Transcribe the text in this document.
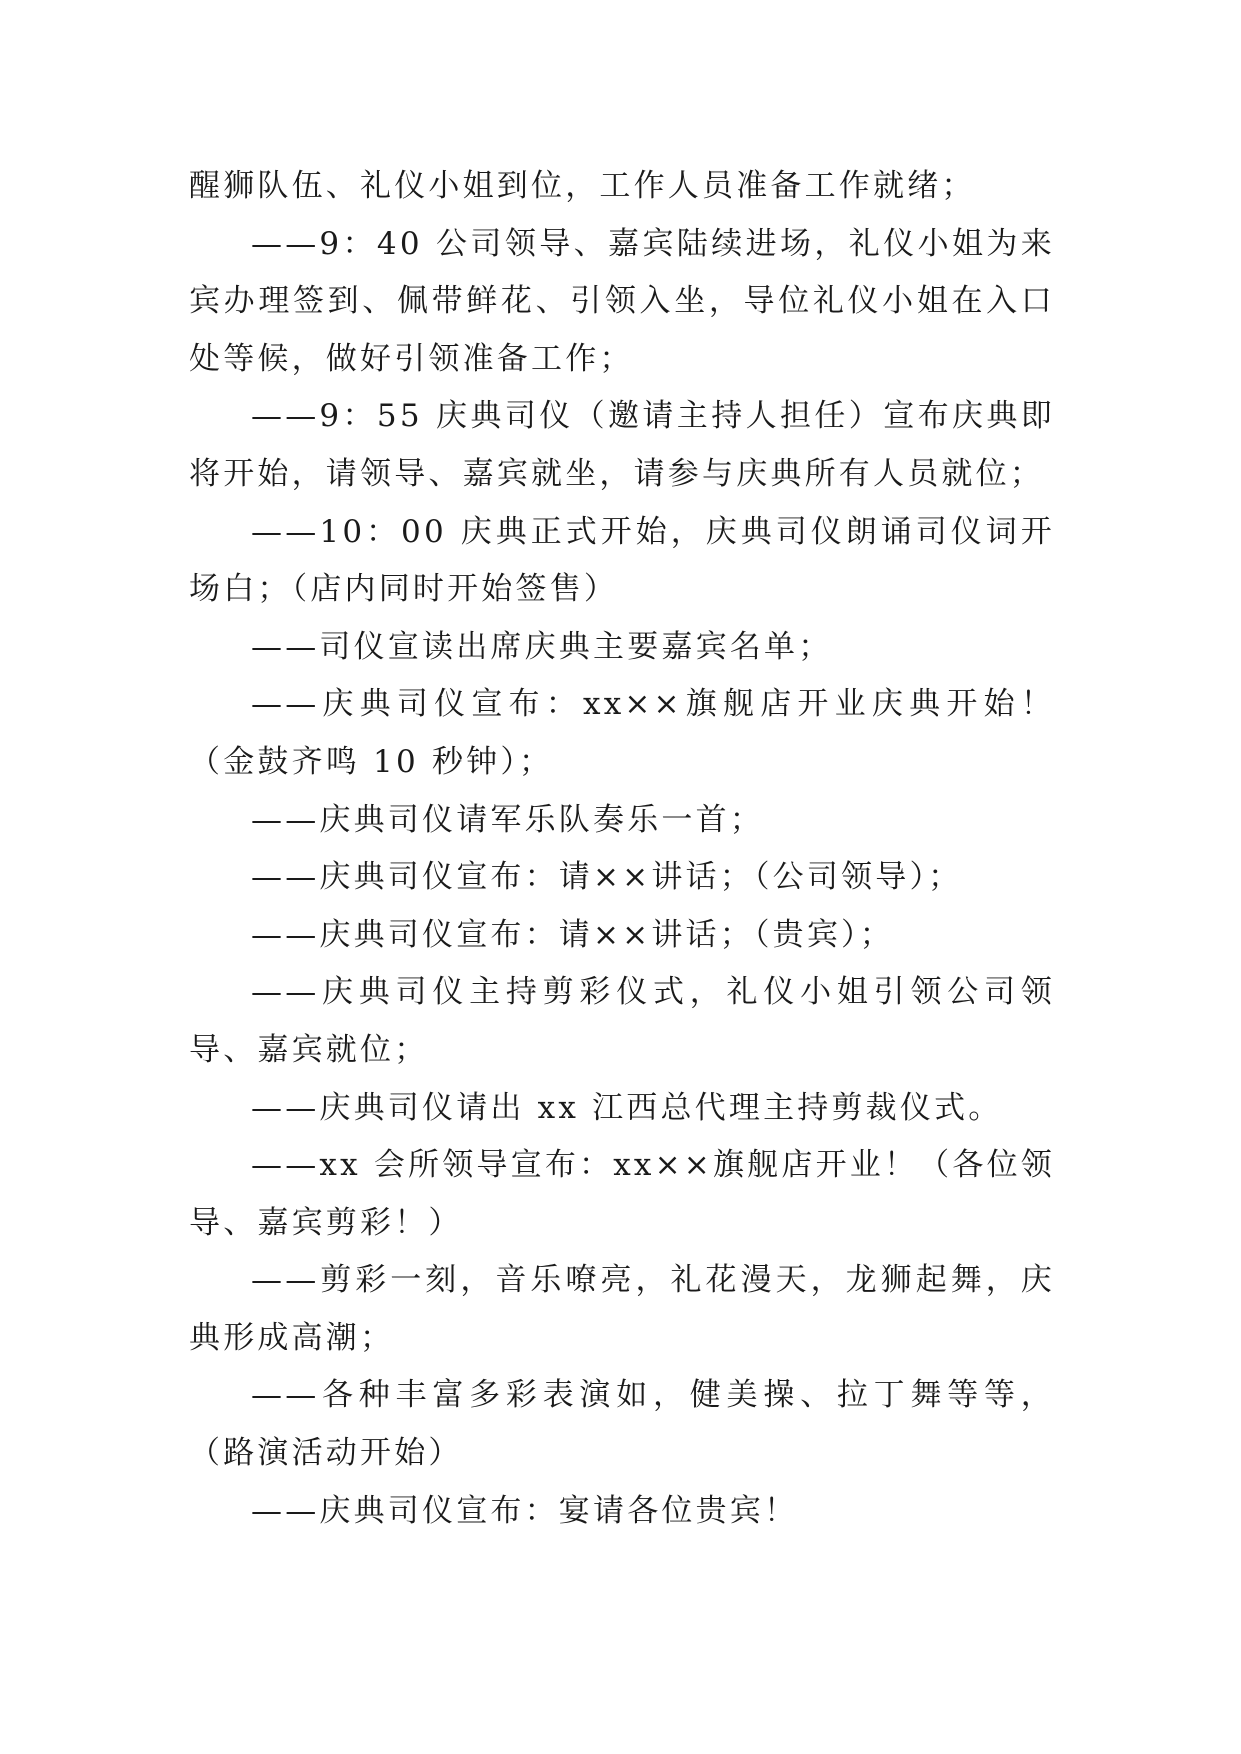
醒狮队伍、礼仪小姐到位，工作人员准备工作就绪；

——9：40 公司领导、嘉宾陆续进场，礼仪小姐为来宾办理签到、佩带鲜花、引领入坐，导位礼仪小姐在入口处等候，做好引领准备工作；

——9：55 庆典司仪（邀请主持人担任）宣布庆典即将开始，请领导、嘉宾就坐，请参与庆典所有人员就位；

——10：00 庆典正式开始，庆典司仪朗诵司仪词开场白；（店内同时开始签售）

——司仪宣读出席庆典主要嘉宾名单；

——庆典司仪宣布：xx××旗舰店开业庆典开始！（金鼓齐鸣 10 秒钟）；

——庆典司仪请军乐队奏乐一首；

——庆典司仪宣布：请××讲话；（公司领导）；

——庆典司仪宣布：请××讲话；（贵宾）；

——庆典司仪主持剪彩仪式，礼仪小姐引领公司领导、嘉宾就位；

——庆典司仪请出 xx 江西总代理主持剪裁仪式。

——xx 会所领导宣布：xx××旗舰店开业！（各位领导、嘉宾剪彩！）

——剪彩一刻，音乐嘹亮，礼花漫天，龙狮起舞，庆典形成高潮；

——各种丰富多彩表演如，健美操、拉丁舞等等，（路演活动开始）

——庆典司仪宣布：宴请各位贵宾！
